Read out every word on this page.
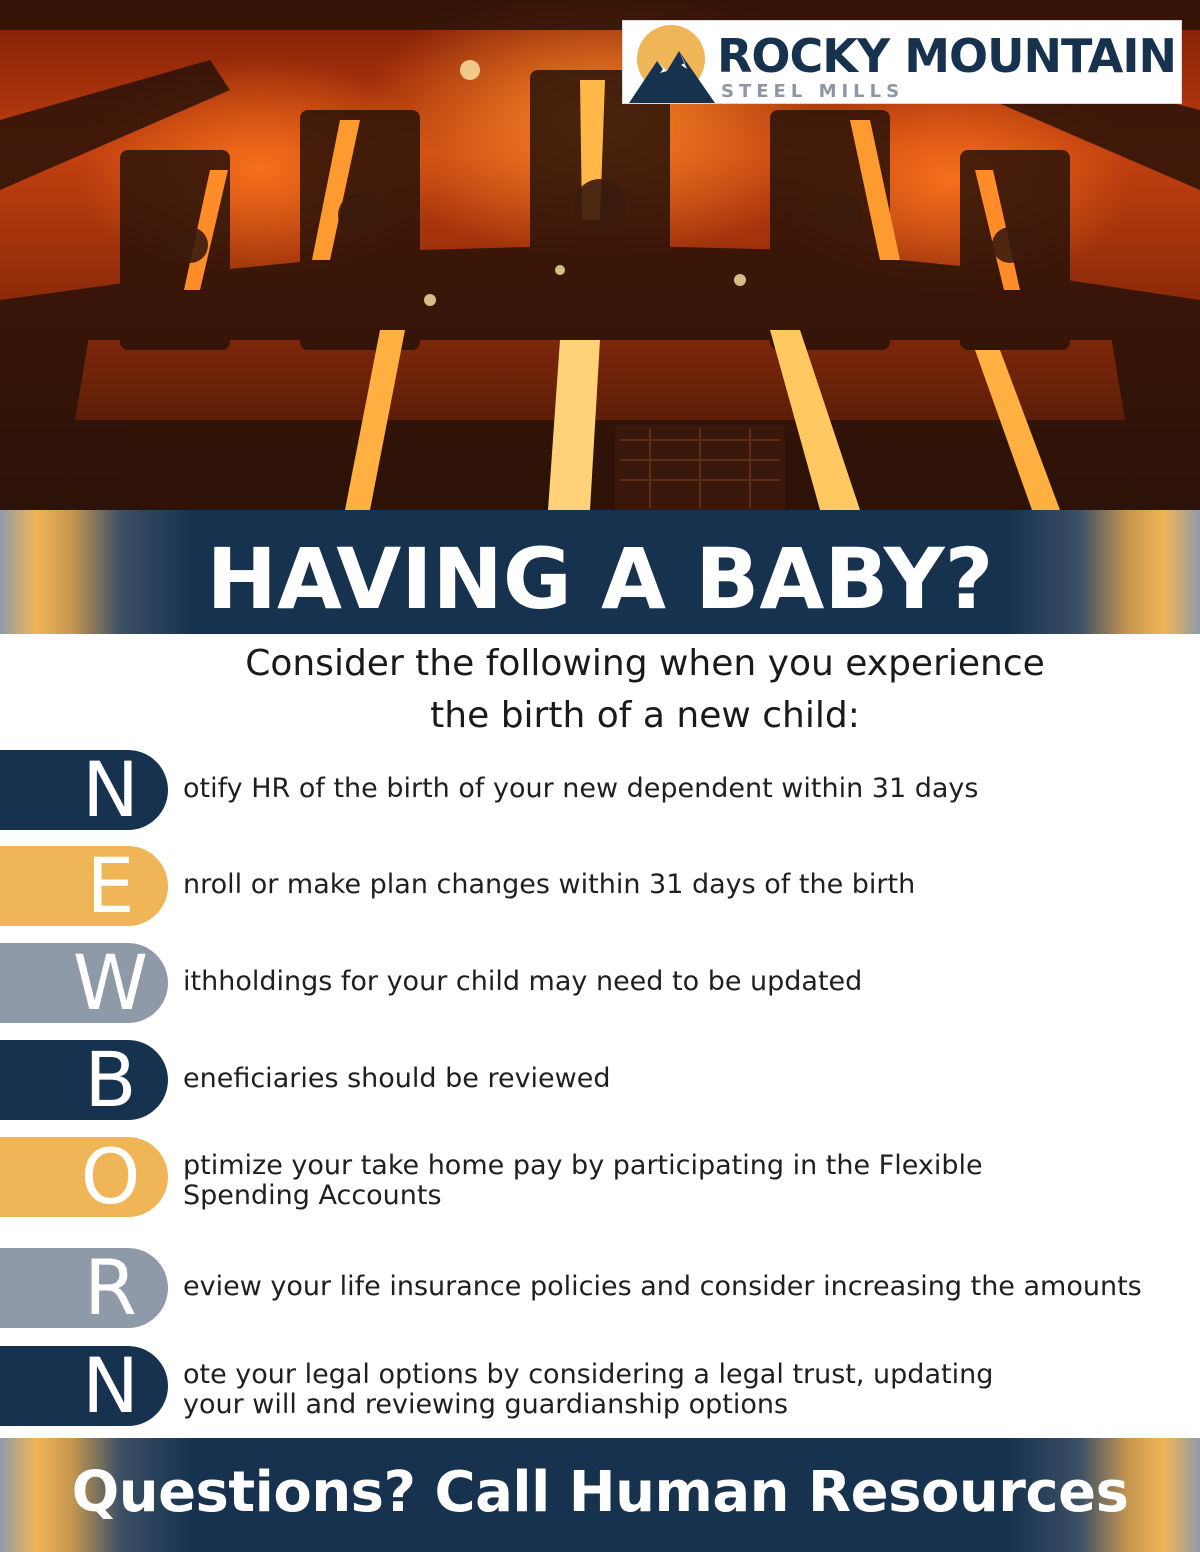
ROCKY MOUNTAIN
STEEL MILLS
HAVING A BABY?
Consider the following when you experience
the birth of a new child:
N	otify HR of the birth of your new dependent within 31 days
E	nroll or make plan changes within 31 days of the birth
W	ithholdings for your child may need to be updated
B	eneficiaries should be reviewed
O	ptimize your take home pay by participating in the Flexible
Spending Accounts
R	eview your life insurance policies and consider increasing the amounts
N	ote your legal options by considering a legal trust, updating
your will and reviewing guardianship options
Questions? Call Human Resources
